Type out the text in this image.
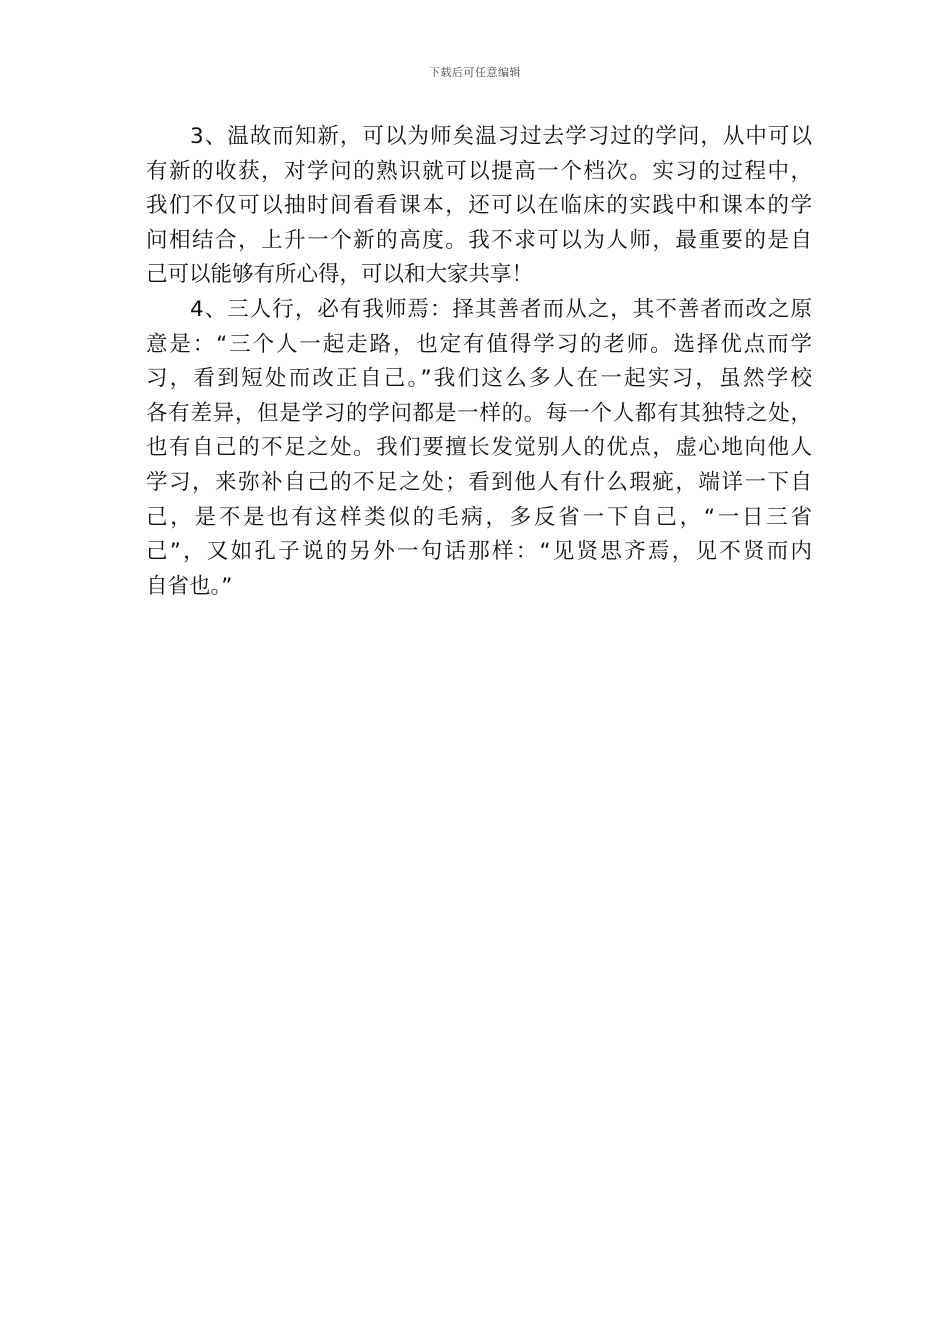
下载后可任意编辑
3、温故而知新，可以为师矣温习过去学习过的学问，从中可以
有新的收获，对学问的熟识就可以提高一个档次。实习的过程中，
我们不仅可以抽时间看看课本，还可以在临床的实践中和课本的学
问相结合，上升一个新的高度。我不求可以为人师，最重要的是自
己可以能够有所心得，可以和大家共享！
4、三人行，必有我师焉：择其善者而从之，其不善者而改之原
意是：“三个人一起走路，也定有值得学习的老师。选择优点而学
习，看到短处而改正自己。”我们这么多人在一起实习，虽然学校
各有差异，但是学习的学问都是一样的。每一个人都有其独特之处，
也有自己的不足之处。我们要擅长发觉别人的优点，虚心地向他人
学习，来弥补自己的不足之处；看到他人有什么瑕疵，端详一下自
己，是不是也有这样类似的毛病，多反省一下自己，“一日三省
己”，又如孔子说的另外一句话那样：“见贤思齐焉，见不贤而内
自省也。”
